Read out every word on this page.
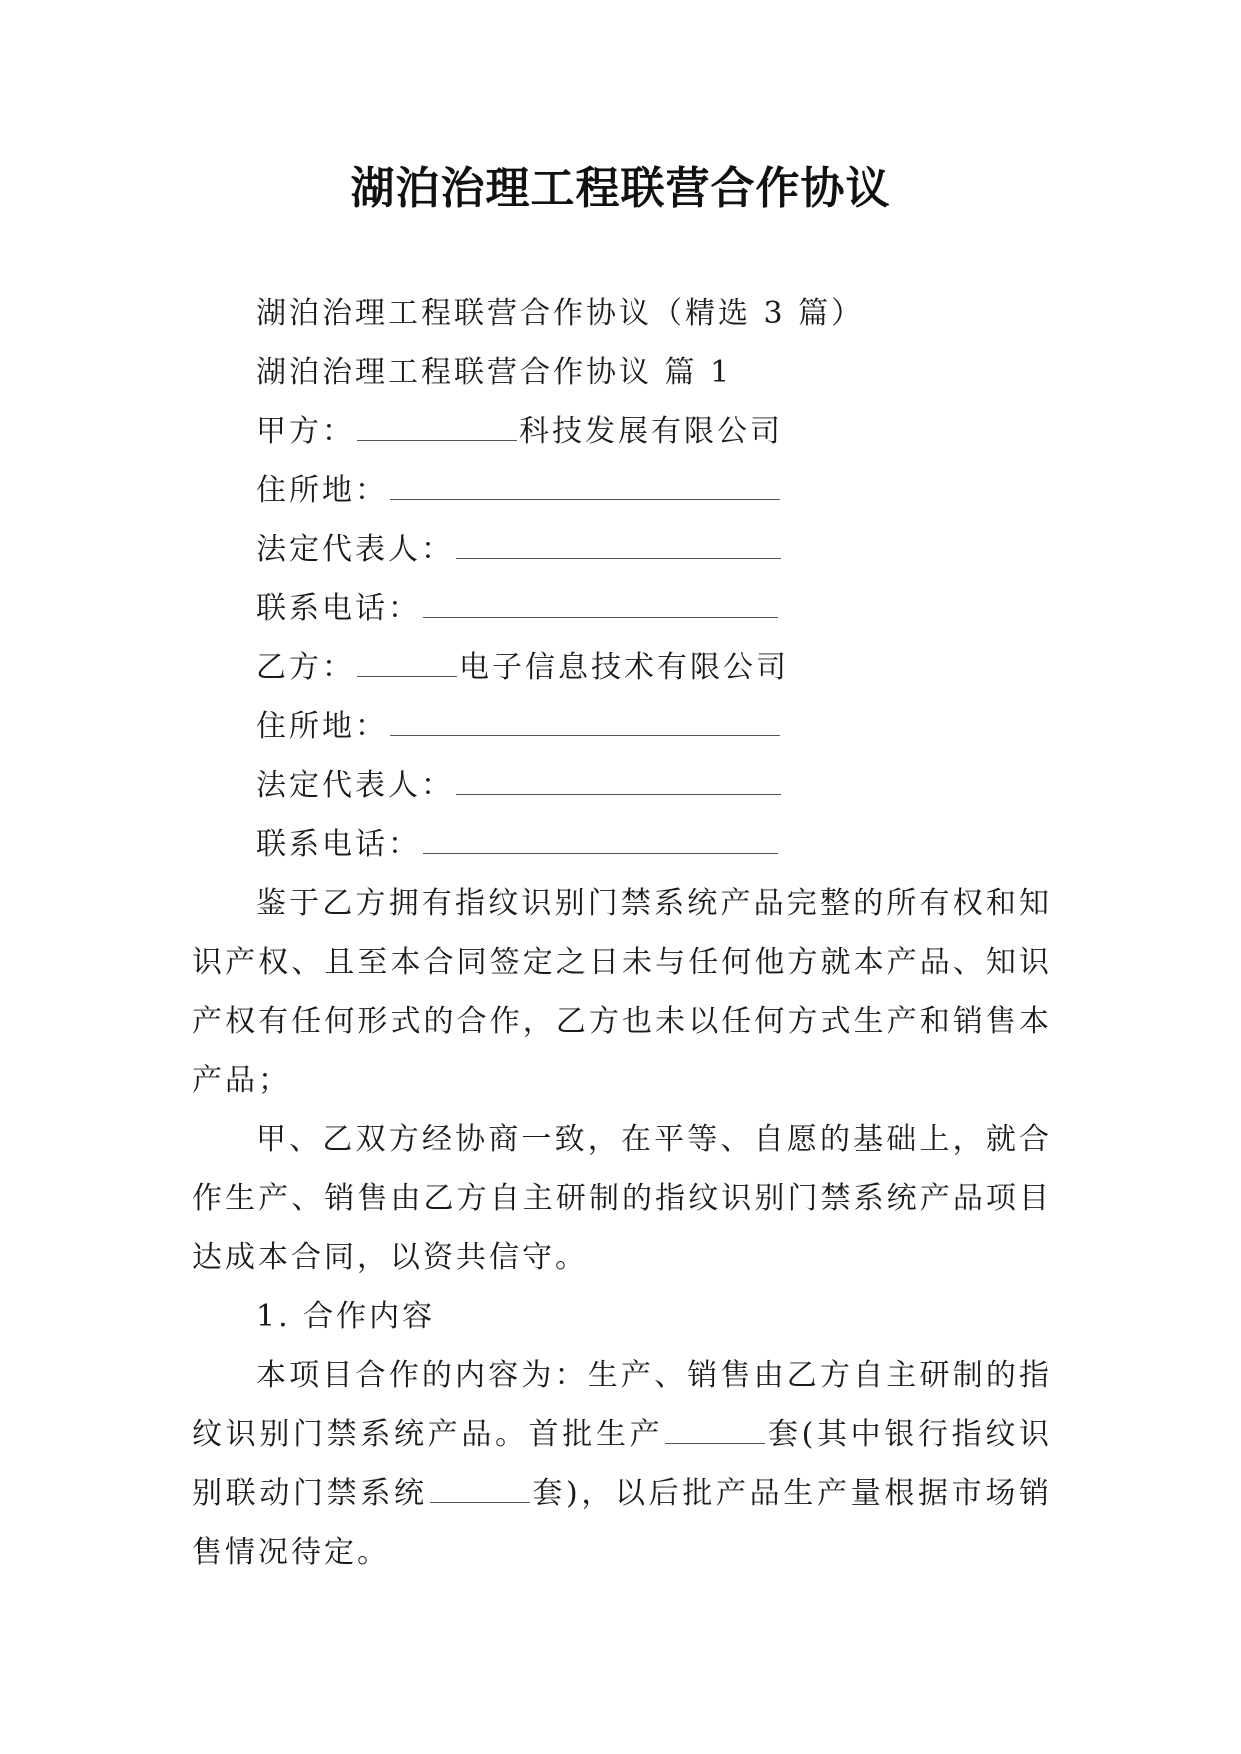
湖泊治理工程联营合作协议

湖泊治理工程联营合作协议（精选 3 篇）

湖泊治理工程联营合作协议 篇 1

甲方：	科技发展有限公司

住所地：

法定代表人：

联系电话：

乙方：	电子信息技术有限公司

住所地：

法定代表人：

联系电话：

鉴于乙方拥有指纹识别门禁系统产品完整的所有权和知识产权、且至本合同签定之日未与任何他方就本产品、知识产权有任何形式的合作，乙方也未以任何方式生产和销售本产品；

甲、乙双方经协商一致，在平等、自愿的基础上，就合作生产、销售由乙方自主研制的指纹识别门禁系统产品项目达成本合同，以资共信守。

1. 合作内容

本项目合作的内容为：生产、销售由乙方自主研制的指纹识别门禁系统产品。首批生产	套(其中银行指纹识别联动门禁系统	套)，以后批产品生产量根据市场销售情况待定。
